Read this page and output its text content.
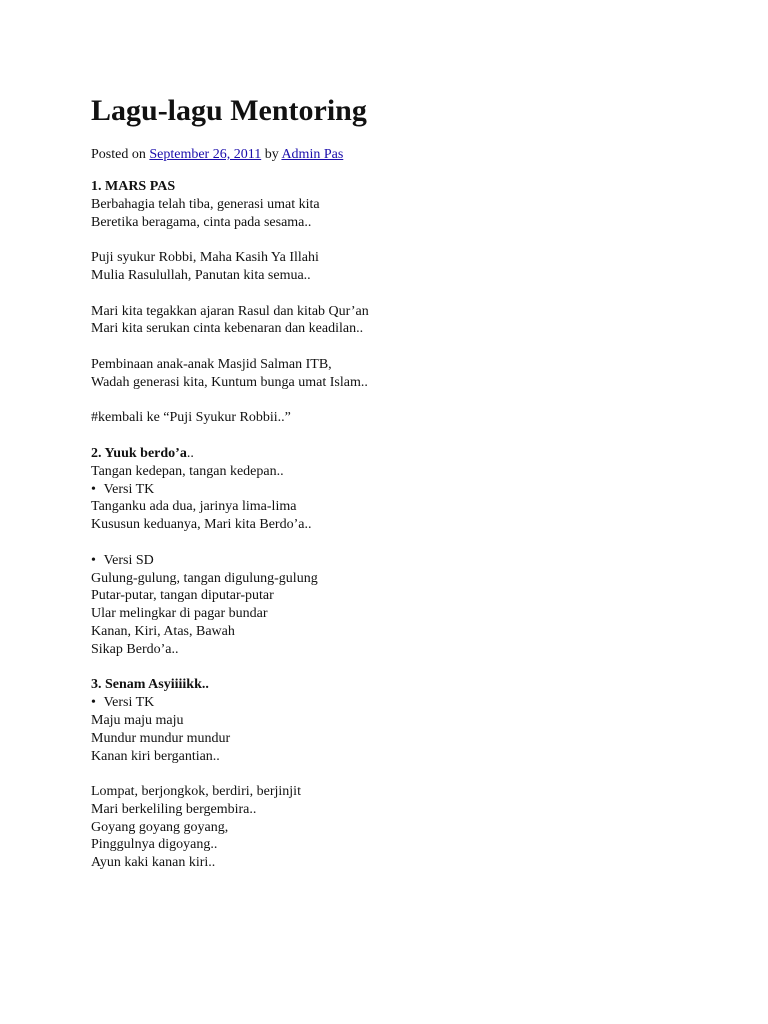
Lagu-lagu Mentoring
Posted on September 26, 2011 by Admin Pas
1. MARS PAS
Berbahagia telah tiba, generasi umat kita
Beretika beragama, cinta pada sesama..
Puji syukur Robbi, Maha Kasih Ya Illahi
Mulia Rasulullah, Panutan kita semua..
Mari kita tegakkan ajaran Rasul dan kitab Qur’an
Mari kita serukan cinta kebenaran dan keadilan..
Pembinaan anak-anak Masjid Salman ITB,
Wadah generasi kita, Kuntum bunga umat Islam..
#kembali ke “Puji Syukur Robbii..”
2. Yuuk berdo’a..
Tangan kedepan, tangan kedepan..
• Versi TK
Tanganku ada dua, jarinya lima-lima
Kususun keduanya, Mari kita Berdo’a..
• Versi SD
Gulung-gulung, tangan digulung-gulung
Putar-putar, tangan diputar-putar
Ular melingkar di pagar bundar
Kanan, Kiri, Atas, Bawah
Sikap Berdo’a..
3. Senam Asyiiiikk..
• Versi TK
Maju maju maju
Mundur mundur mundur
Kanan kiri bergantian..
Lompat, berjongkok, berdiri, berjinjit
Mari berkeliling bergembira..
Goyang goyang goyang,
Pinggulnya digoyang..
Ayun kaki kanan kiri..
